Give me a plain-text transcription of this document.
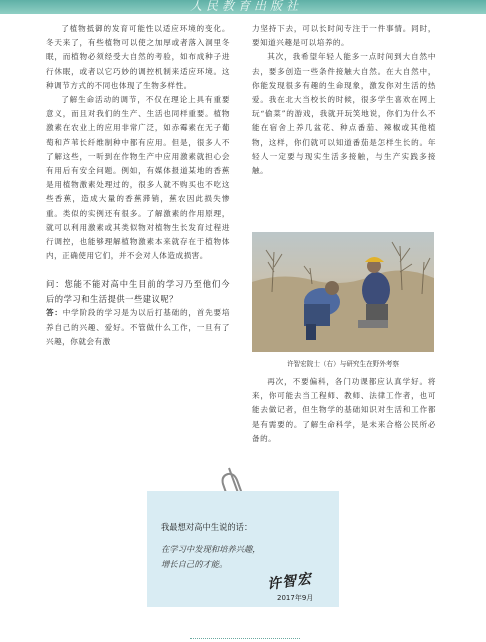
人民教育出版社

了植物抵御的发育可能性以适应环境的变化。冬天来了，有些植物可以使之加厚或者落入洞里冬眠，而植物必须经受大自然的考验，如布成种子进行休眠，或者以它巧妙的调控机制来适应环境。这种调节方式的不同也体现了生物多样性。

了解生命活动的调节，不仅在理论上具有重要意义，而且对我们的生产、生活也同样重要。植物激素在农业上的应用非常广泛，如赤霉素在无子葡萄和芦苇长纤维制种中都有应用。但是，很多人不了解这些，一听到在作物生产中应用激素就担心会有用后有安全问题。例如，有媒体报道某地的香蕉是用植物激素处理过的，很多人就不购买也不吃这些香蕉，造成大量的香蕉滞销，蕉农因此损失惨重。类似的实例还有很多。了解激素的作用原理，就可以利用激素或其类似物对植物生长发育过程进行调控，也能够理解植物激素本来就存在于植物体内，正确使用它们，并不会对人体造成损害。

问：您能不能对高中生目前的学习乃至他们今后的学习和生活提供一些建议呢？

答：中学阶段的学习是为以后打基础的，首先要培养自己的兴趣、爱好。不管做什么工作，一旦有了兴趣，你就会有激

力坚持下去，可以长时间专注于一件事情。同时，要知道兴趣是可以培养的。

其次，我希望年轻人能多一点时间到大自然中去，要多创造一些条件接触大自然。在大自然中，你能发现很多有趣的生命现象，激发你对生活的热爱。我在北大当校长的时候，很多学生喜欢在网上玩“偷菜”的游戏，我就开玩笑地说，你们为什么不能在宿舍上养几盆花、种点番茄、辣椒或其他植物，这样，你们就可以知道番茄是怎样生长的。年轻人一定要与现实生活多接触，与生产实践多接触。

许智宏院士（右）与研究生在野外考察

再次，不要偏科，各门功课都应认真学好。将来，你可能去当工程师、教师、法律工作者，也可能去做记者，但生物学的基础知识对生活和工作都是有需要的。了解生命科学，是未来合格公民所必备的。

我最想对高中生说的话：
在学习中发现和培养兴趣，
增长自己的才能。
许智宏
2017年9月
